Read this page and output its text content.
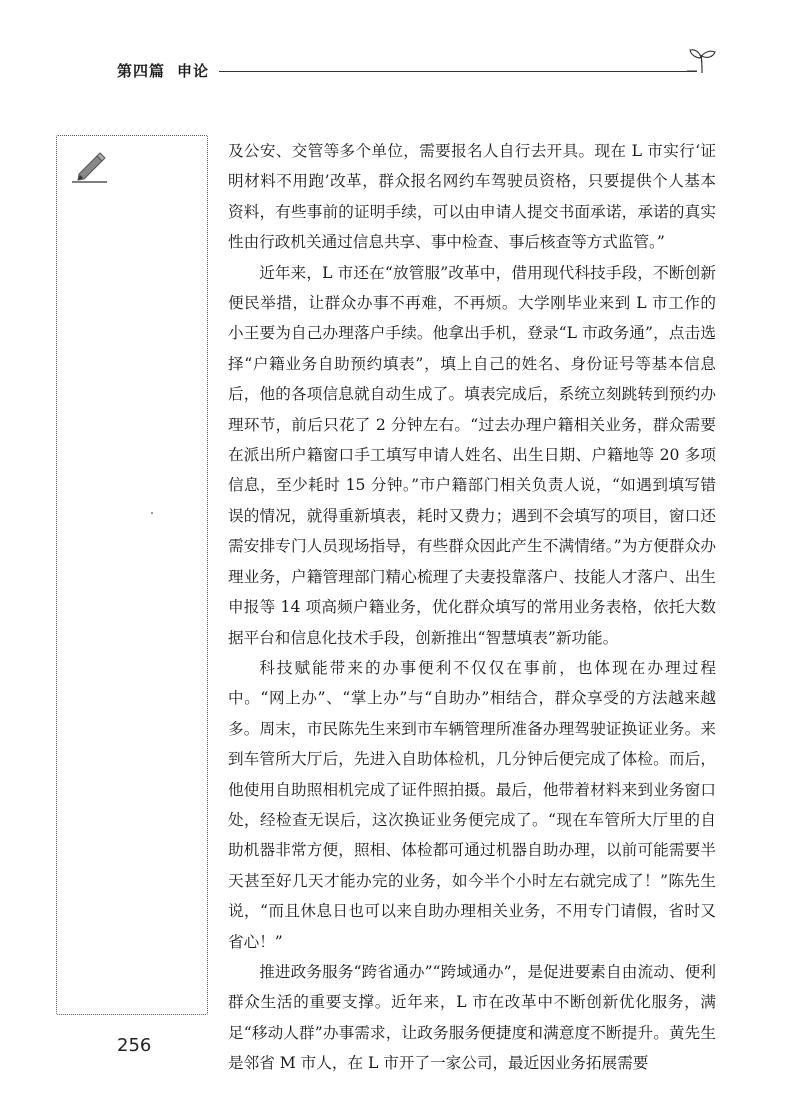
第四篇 申论

及公安、交管等多个单位，需要报名人自行去开具。现在 L 市实行‘证明材料不用跑’改革，群众报名网约车驾驶员资格，只要提供个人基本资料，有些事前的证明手续，可以由申请人提交书面承诺，承诺的真实性由行政机关通过信息共享、事中检查、事后核查等方式监管。”

近年来，L 市还在“放管服”改革中，借用现代科技手段，不断创新便民举措，让群众办事不再难，不再烦。大学刚毕业来到 L 市工作的小王要为自己办理落户手续。他拿出手机，登录“L 市政务通”，点击选择“户籍业务自助预约填表”，填上自己的姓名、身份证号等基本信息后，他的各项信息就自动生成了。填表完成后，系统立刻跳转到预约办理环节，前后只花了 2 分钟左右。“过去办理户籍相关业务，群众需要在派出所户籍窗口手工填写申请人姓名、出生日期、户籍地等 20 多项信息，至少耗时 15 分钟。”市户籍部门相关负责人说，“如遇到填写错误的情况，就得重新填表，耗时又费力；遇到不会填写的项目，窗口还需安排专门人员现场指导，有些群众因此产生不满情绪。”为方便群众办理业务，户籍管理部门精心梳理了夫妻投靠落户、技能人才落户、出生申报等 14 项高频户籍业务，优化群众填写的常用业务表格，依托大数据平台和信息化技术手段，创新推出“智慧填表”新功能。

科技赋能带来的办事便利不仅仅在事前，也体现在办理过程中。“网上办”、“掌上办”与“自助办”相结合，群众享受的方法越来越多。周末，市民陈先生来到市车辆管理所准备办理驾驶证换证业务。来到车管所大厅后，先进入自助体检机，几分钟后便完成了体检。而后，他使用自助照相机完成了证件照拍摄。最后，他带着材料来到业务窗口处，经检查无误后，这次换证业务便完成了。“现在车管所大厅里的自助机器非常方便，照相、体检都可通过机器自助办理，以前可能需要半天甚至好几天才能办完的业务，如今半个小时左右就完成了！”陈先生说，“而且休息日也可以来自助办理相关业务，不用专门请假，省时又省心！”

推进政务服务“跨省通办”“跨域通办”，是促进要素自由流动、便利群众生活的重要支撑。近年来，L 市在改革中不断创新优化服务，满足“移动人群”办事需求，让政务服务便捷度和满意度不断提升。黄先生是邻省 M 市人，在 L 市开了一家公司，最近因业务拓展需要

256
